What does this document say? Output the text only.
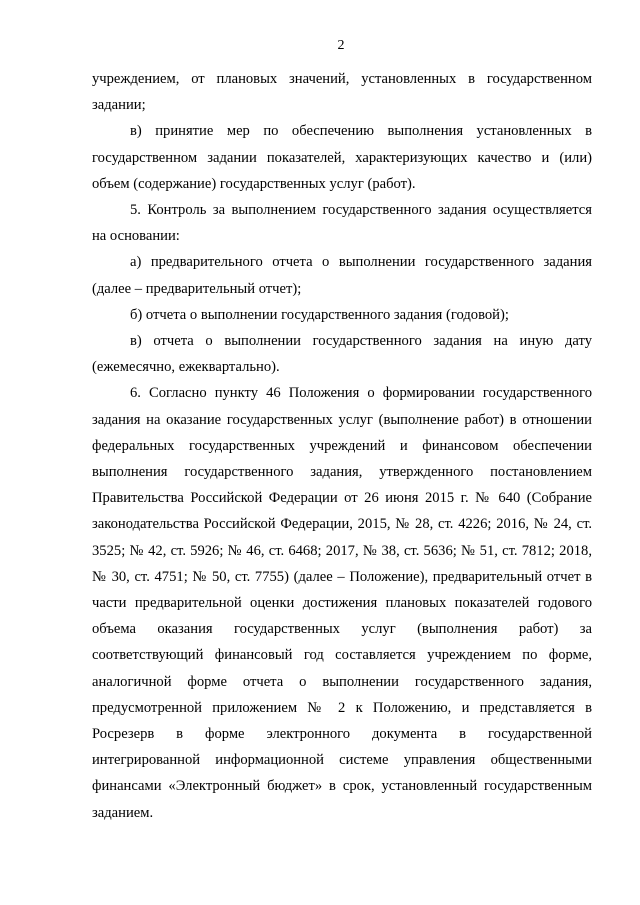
2

учреждением, от плановых значений, установленных в государственном задании;

в) принятие мер по обеспечению выполнения установленных в государственном задании показателей, характеризующих качество и (или) объем (содержание) государственных услуг (работ).

5. Контроль за выполнением государственного задания осуществляется на основании:

а) предварительного отчета о выполнении государственного задания (далее – предварительный отчет);

б) отчета о выполнении государственного задания (годовой);

в) отчета о выполнении государственного задания на иную дату (ежемесячно, ежеквартально).

6. Согласно пункту 46 Положения о формировании государственного задания на оказание государственных услуг (выполнение работ) в отношении федеральных государственных учреждений и финансовом обеспечении выполнения государственного задания, утвержденного постановлением Правительства Российской Федерации от 26 июня 2015 г. № 640 (Собрание законодательства Российской Федерации, 2015, № 28, ст. 4226; 2016, № 24, ст. 3525; № 42, ст. 5926; № 46, ст. 6468; 2017, № 38, ст. 5636; № 51, ст. 7812; 2018, № 30, ст. 4751; № 50, ст. 7755) (далее – Положение), предварительный отчет в части предварительной оценки достижения плановых показателей годового объема оказания государственных услуг (выполнения работ) за соответствующий финансовый год составляется учреждением по форме, аналогичной форме отчета о выполнении государственного задания, предусмотренной приложением № 2 к Положению, и представляется в Росрезерв в форме электронного документа в государственной интегрированной информационной системе управления общественными финансами «Электронный бюджет» в срок, установленный государственным заданием.
